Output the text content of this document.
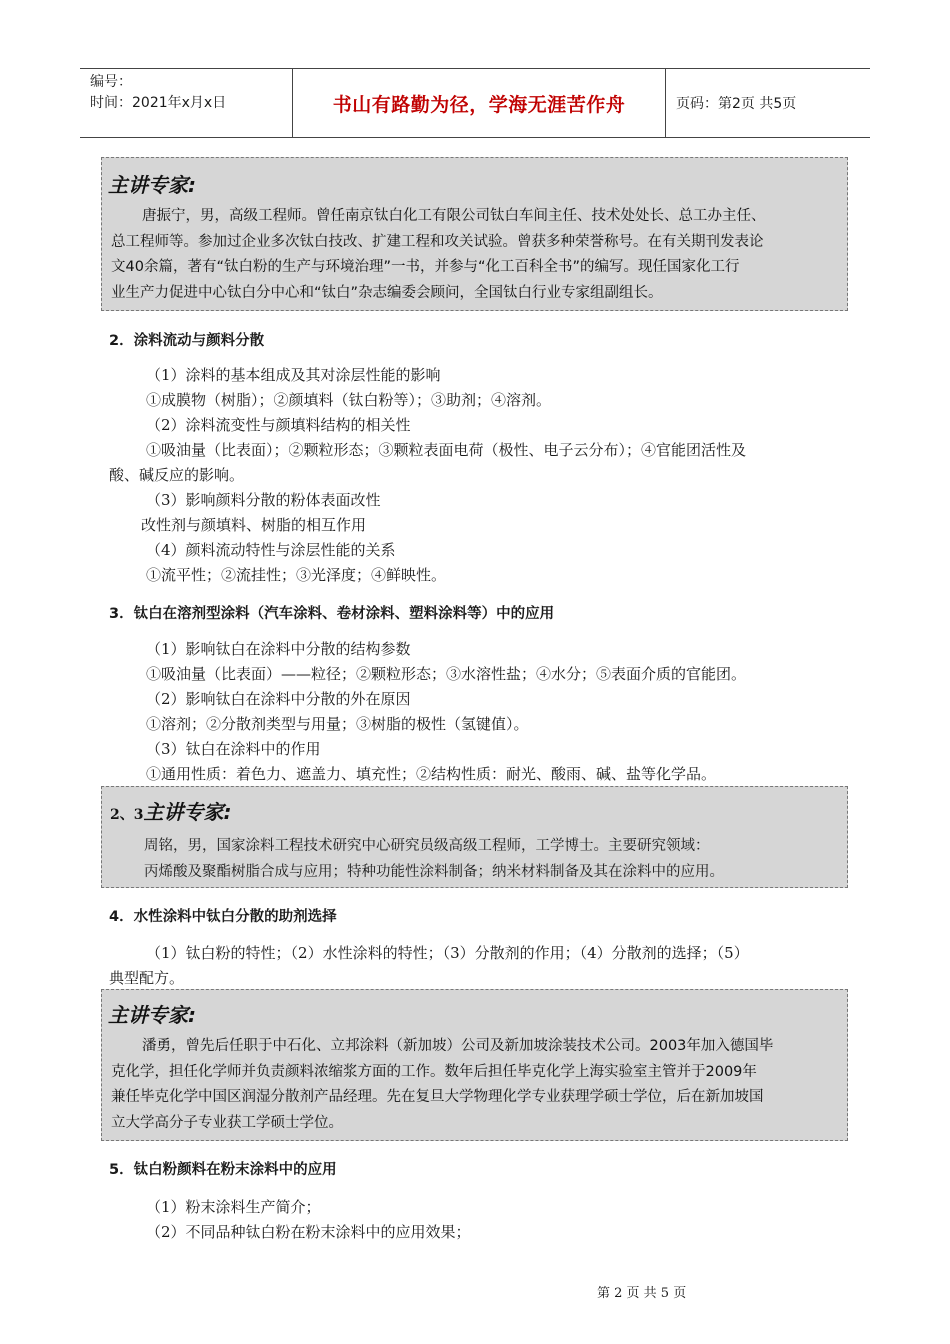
编号：
时间：2021年x月x日	书山有路勤为径，学海无涯苦作舟	页码：第2页 共5页
主讲专家:
唐振宁，男，高级工程师。曾任南京钛白化工有限公司钛白车间主任、技术处处长、总工办主任、
总工程师等。参加过企业多次钛白技改、扩建工程和攻关试验。曾获多种荣誉称号。在有关期刊发表论
文40余篇，著有“钛白粉的生产与环境治理”一书，并参与“化工百科全书”的编写。现任国家化工行
业生产力促进中心钛白分中心和“钛白”杂志编委会顾问，全国钛白行业专家组副组长。
2．涂料流动与颜料分散
（1）涂料的基本组成及其对涂层性能的影响
①成膜物（树脂）；②颜填料（钛白粉等）；③助剂；④溶剂。
（2）涂料流变性与颜填料结构的相关性
①吸油量（比表面）；②颗粒形态；③颗粒表面电荷（极性、电子云分布）；④官能团活性及
酸、碱反应的影响。
（3）影响颜料分散的粉体表面改性
改性剂与颜填料、树脂的相互作用
（4）颜料流动特性与涂层性能的关系
①流平性；②流挂性；③光泽度；④鲜映性。
3．钛白在溶剂型涂料（汽车涂料、卷材涂料、塑料涂料等）中的应用
（1）影响钛白在涂料中分散的结构参数
①吸油量（比表面）——粒径；②颗粒形态；③水溶性盐；④水分；⑤表面介质的官能团。
（2）影响钛白在涂料中分散的外在原因
①溶剂；②分散剂类型与用量；③树脂的极性（氢键值）。
（3）钛白在涂料中的作用
①通用性质：着色力、遮盖力、填充性；②结构性质：耐光、酸雨、碱、盐等化学品。
2、3主讲专家:
周铭，男，国家涂料工程技术研究中心研究员级高级工程师，工学博士。主要研究领域：
丙烯酸及聚酯树脂合成与应用；特种功能性涂料制备；纳米材料制备及其在涂料中的应用。
4．水性涂料中钛白分散的助剂选择
（1）钛白粉的特性；（2）水性涂料的特性；（3）分散剂的作用；（4）分散剂的选择；（5）
典型配方。
主讲专家:
潘勇，曾先后任职于中石化、立邦涂料（新加坡）公司及新加坡涂装技术公司。2003年加入德国毕
克化学，担任化学师并负责颜料浓缩浆方面的工作。数年后担任毕克化学上海实验室主管并于2009年
兼任毕克化学中国区润湿分散剂产品经理。先在复旦大学物理化学专业获理学硕士学位，后在新加坡国
立大学高分子专业获工学硕士学位。
5．钛白粉颜料在粉末涂料中的应用
（1）粉末涂料生产简介；
（2）不同品种钛白粉在粉末涂料中的应用效果；
第 2 页 共 5 页
